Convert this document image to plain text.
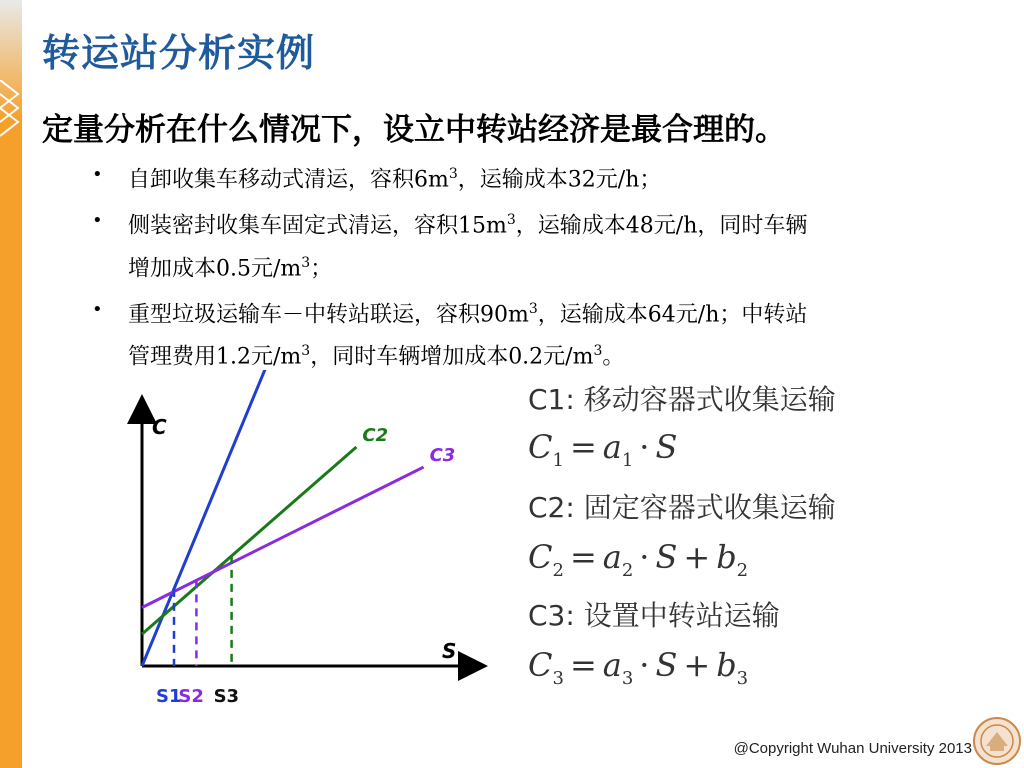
转运站分析实例
定量分析在什么情况下，设立中转站经济是最合理的。
• 自卸收集车移动式清运，容积$6m^3$，运输成本32元/h；
• 侧装密封收集车固定式清运，容积$15m^3$，运输成本48元/h，同时车辆
增加成本0.5元$/m^3$；
• 重型垃圾运输车－中转站联运，容积$90m^3$，运输成本64元/h；中转站
管理费用1.2元$/m^3$，同时车辆增加成本0.2元$/m^3$。
C
S
C2
C3
S1
S2 S3
C1: 移动容器式收集运输
$C_1 = a_1 \cdot S$
C2: 固定容器式收集运输
$C_2 = a_2 \cdot S + b_2$
C3: 设置中转站运输
$C_3 = a_3 \cdot S + b_3$
@Copyright Wuhan University 2013
